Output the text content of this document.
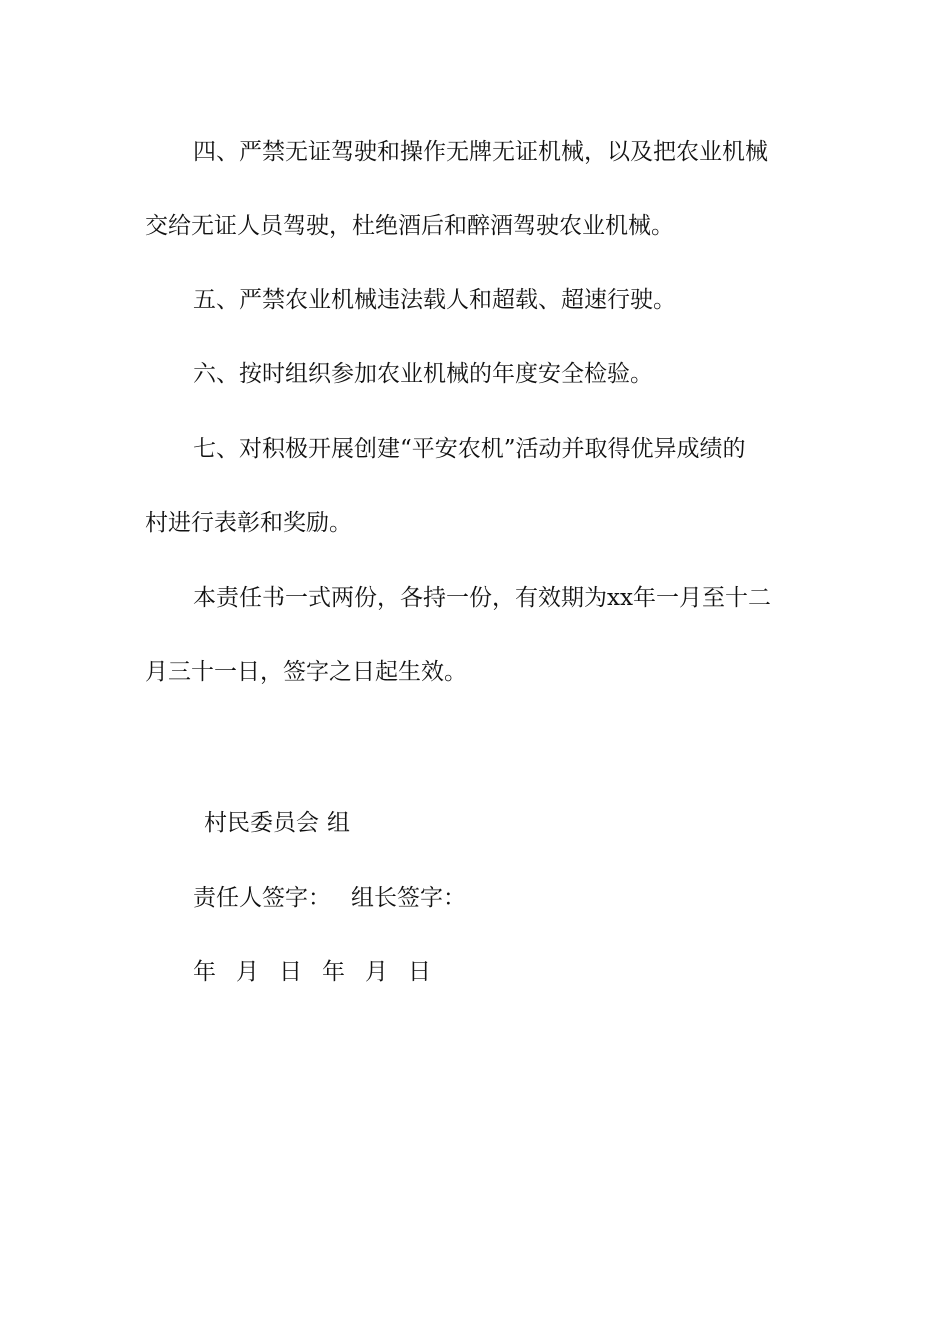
四、严禁无证驾驶和操作无牌无证机械，以及把农业机械
交给无证人员驾驶，杜绝酒后和醉酒驾驶农业机械。
五、严禁农业机械违法载人和超载、超速行驶。
六、按时组织参加农业机械的年度安全检验。
七、对积极开展创建“平安农机”活动并取得优异成绩的
村进行表彰和奖励。
本责任书一式两份，各持一份，有效期为xx年一月至十二
月三十一日，签字之日起生效。
村民委员会 组
责任人签字： 组长签字：
年 月 日 年 月 日
